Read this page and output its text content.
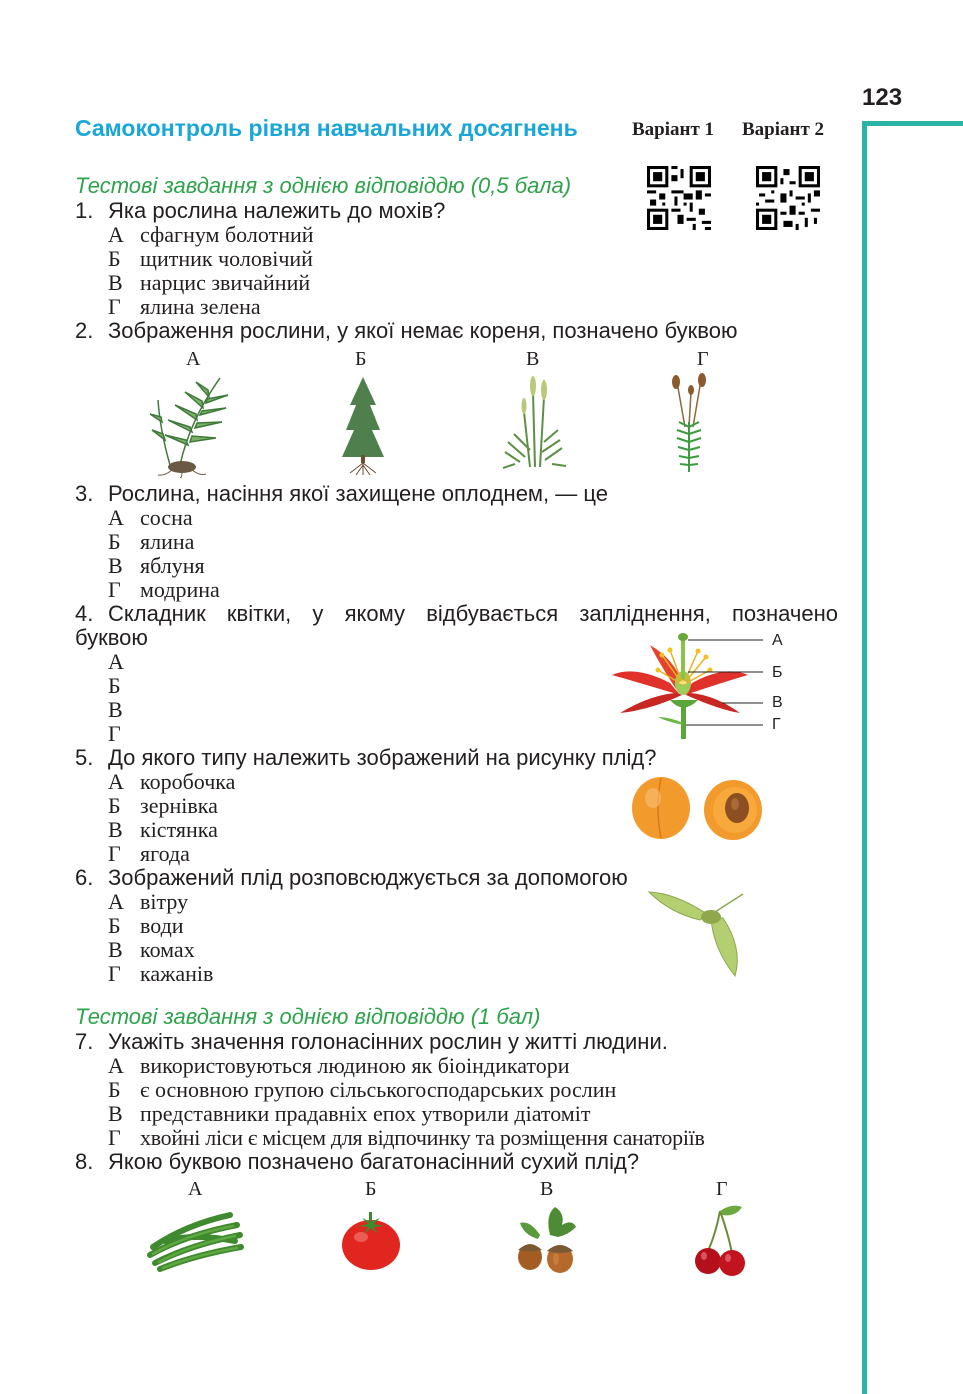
123
Самоконтроль рівня навчальних досягнень	Варіант 1 Варіант 2
Тестові завдання з однією відповіддю (0,5 бала)
1. Яка рослина належить до мохів?
А сфагнум болотний
Б щитник чоловічий
В нарцис звичайний
Г ялина зелена
2. Зображення рослини, у якої немає кореня, позначено буквою
А	Б	В	Г
3. Рослина, насіння якої захищене оплоднем, — це
А сосна
Б ялина
В яблуня
Г модрина
4. Складник квітки, у якому відбувається запліднення, позначено
буквою
А
Б
В
Г
А
Б
В
Г
5. До якого типу належить зображений на рисунку плід?
А коробочка
Б зернівка
В кістянка
Г ягода
6. Зображений плід розповсюджується за допомогою
А вітру
Б води
В комах
Г кажанів
Тестові завдання з однією відповіддю (1 бал)
7. Укажіть значення голонасінних рослин у житті людини.
А використовуються людиною як біоіндикатори
Б є основною групою сільськогосподарських рослин
В представники прадавніх епох утворили діатоміт
Г хвойні ліси є місцем для відпочинку та розміщення санаторіїв
8. Якою буквою позначено багатонасінний сухий плід?
А	Б	В	Г
